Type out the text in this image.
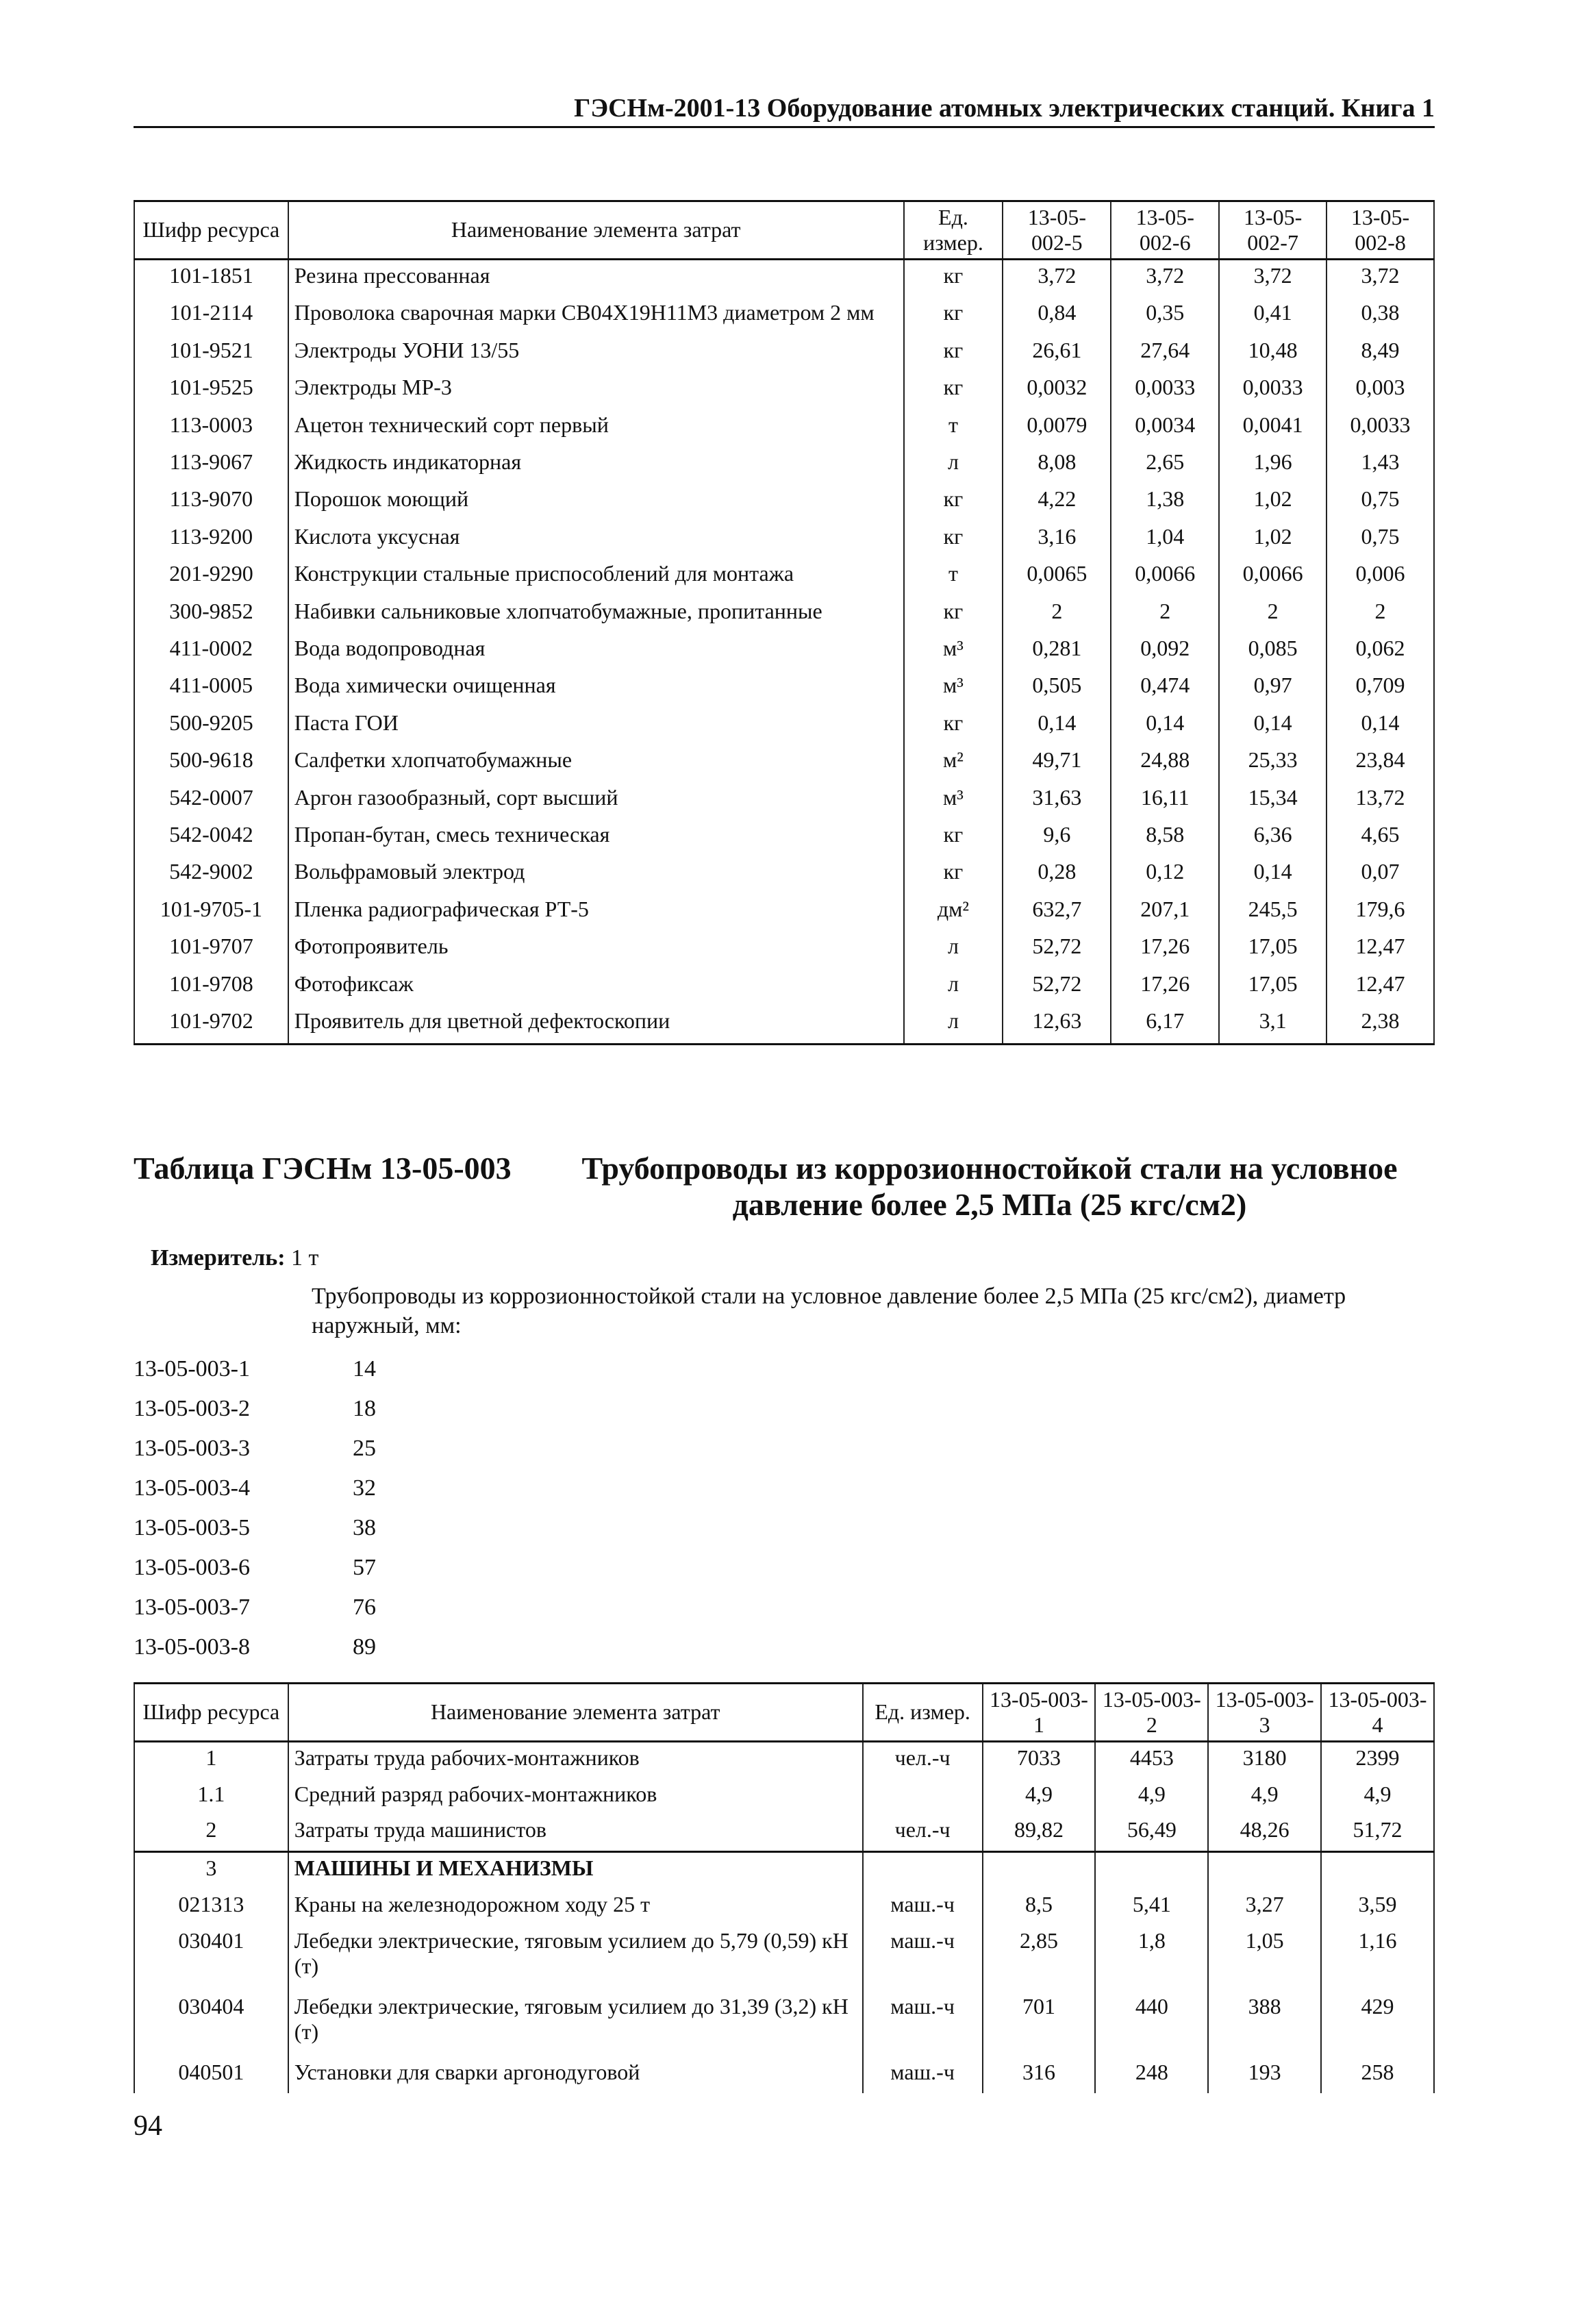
ГЭСНм-2001-13 Оборудование атомных электрических станций. Книга 1
Шифр ресурса	Наименование элемента затрат	Ед. измер.	13-05-002-5	13-05-002-6	13-05-002-7	13-05-002-8
101-1851	Резина прессованная	кг	3,72	3,72	3,72	3,72
101-2114	Проволока сварочная марки СВ04Х19Н11М3 диаметром 2 мм	кг	0,84	0,35	0,41	0,38
101-9521	Электроды УОНИ 13/55	кг	26,61	27,64	10,48	8,49
101-9525	Электроды МР-3	кг	0,0032	0,0033	0,0033	0,003
113-0003	Ацетон технический сорт первый	т	0,0079	0,0034	0,0041	0,0033
113-9067	Жидкость индикаторная	л	8,08	2,65	1,96	1,43
113-9070	Порошок моющий	кг	4,22	1,38	1,02	0,75
113-9200	Кислота уксусная	кг	3,16	1,04	1,02	0,75
201-9290	Конструкции стальные приспособлений для монтажа	т	0,0065	0,0066	0,0066	0,006
300-9852	Набивки сальниковые хлопчатобумажные, пропитанные	кг	2	2	2	2
411-0002	Вода водопроводная	м³	0,281	0,092	0,085	0,062
411-0005	Вода химически очищенная	м³	0,505	0,474	0,97	0,709
500-9205	Паста ГОИ	кг	0,14	0,14	0,14	0,14
500-9618	Салфетки хлопчатобумажные	м²	49,71	24,88	25,33	23,84
542-0007	Аргон газообразный, сорт высший	м³	31,63	16,11	15,34	13,72
542-0042	Пропан-бутан, смесь техническая	кг	9,6	8,58	6,36	4,65
542-9002	Вольфрамовый электрод	кг	0,28	0,12	0,14	0,07
101-9705-1	Пленка радиографическая РТ-5	дм²	632,7	207,1	245,5	179,6
101-9707	Фотопроявитель	л	52,72	17,26	17,05	12,47
101-9708	Фотофиксаж	л	52,72	17,26	17,05	12,47
101-9702	Проявитель для цветной дефектоскопии	л	12,63	6,17	3,1	2,38
Таблица ГЭСНм 13-05-003 Трубопроводы из коррозионностойкой стали на условное давление более 2,5 МПа (25 кгс/см2)
Измеритель: 1 т
Трубопроводы из коррозионностойкой стали на условное давление более 2,5 МПа (25 кгс/см2), диаметр наружный, мм:
13-05-003-1	14
13-05-003-2	18
13-05-003-3	25
13-05-003-4	32
13-05-003-5	38
13-05-003-6	57
13-05-003-7	76
13-05-003-8	89
Шифр ресурса	Наименование элемента затрат	Ед. измер.	13-05-003-1	13-05-003-2	13-05-003-3	13-05-003-4
1	Затраты труда рабочих-монтажников	чел.-ч	7033	4453	3180	2399
1.1	Средний разряд рабочих-монтажников		4,9	4,9	4,9	4,9
2	Затраты труда машинистов	чел.-ч	89,82	56,49	48,26	51,72
3	МАШИНЫ И МЕХАНИЗМЫ					
021313	Краны на железнодорожном ходу 25 т	маш.-ч	8,5	5,41	3,27	3,59
030401	Лебедки электрические, тяговым усилием до 5,79 (0,59) кН (т)	маш.-ч	2,85	1,8	1,05	1,16
030404	Лебедки электрические, тяговым усилием до 31,39 (3,2) кН (т)	маш.-ч	701	440	388	429
040501	Установки для сварки аргонодуговой	маш.-ч	316	248	193	258
94
